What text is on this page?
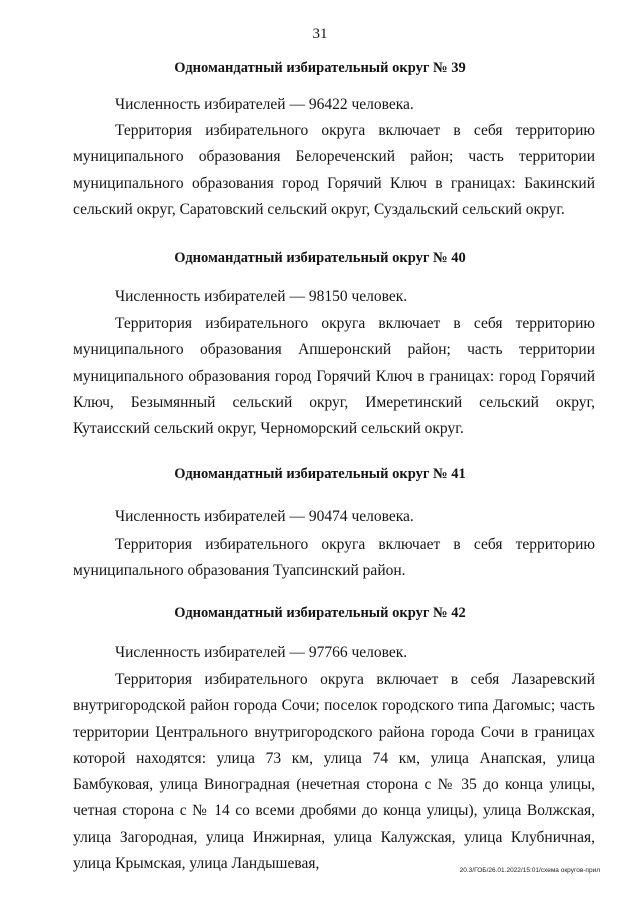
31
Одномандатный избирательный округ № 39

Численность избирателей — 96422 человека.

Территория избирательного округа включает в себя территорию муниципального образования Белореченский район; часть территории муниципального образования город Горячий Ключ в границах: Бакинский сельский округ, Саратовский сельский округ, Суздальский сельский округ.

Одномандатный избирательный округ № 40

Численность избирателей — 98150 человек.

Территория избирательного округа включает в себя территорию муниципального образования Апшеронский район; часть территории муниципального образования город Горячий Ключ в границах: город Горячий Ключ, Безымянный сельский округ, Имеретинский сельский округ, Кутаисский сельский округ, Черноморский сельский округ.

Одномандатный избирательный округ № 41

Численность избирателей — 90474 человека.

Территория избирательного округа включает в себя территорию муниципального образования Туапсинский район.

Одномандатный избирательный округ № 42

Численность избирателей — 97766 человек.

Территория избирательного округа включает в себя Лазаревский внутригородской район города Сочи; поселок городского типа Дагомыс; часть территории Центрального внутригородского района города Сочи в границах которой находятся: улица 73 км, улица 74 км, улица Анапская, улица Бамбуковая, улица Виноградная (нечетная сторона с № 35 до конца улицы, четная сторона с № 14 со всеми дробями до конца улицы), улица Волжская, улица Загородная, улица Инжирная, улица Калужская, улица Клубничная, улица Крымская, улица Ландышевая,	20.3/ГОБ/26.01.2022/15:01/схема округов-прил
